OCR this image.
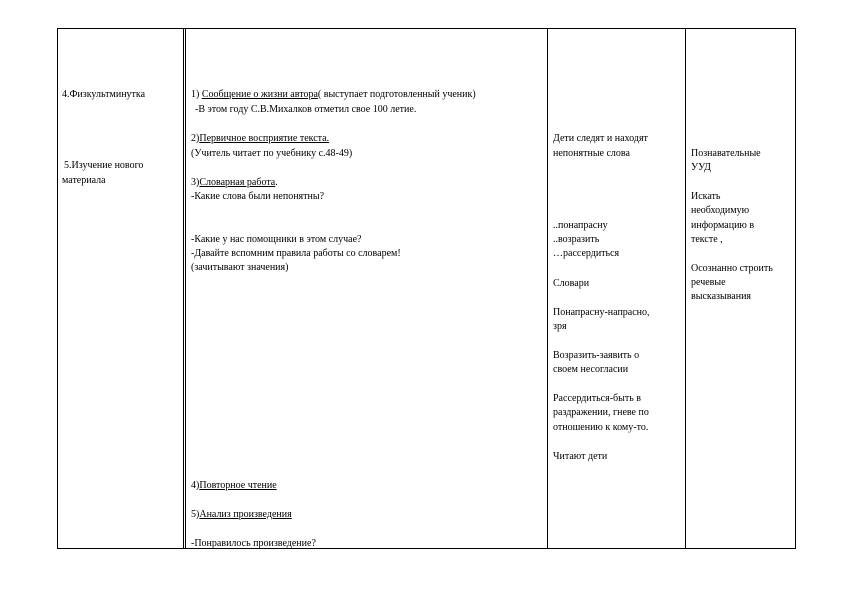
4.Физкультминутка
5.Изучение нового
материала
1) Сообщение о жизни автора( выступает подготовленный ученик)
-В этом году С.В.Михалков отметил свое 100 летие.
2)Первичное восприятие текста.
(Учитель читает по учебнику с.48-49)
3)Словарная работа.
-Какие слова были непонятны?
-Какие у нас помощники в этом случае?
-Давайте вспомним правила работы со словарем!
(зачитывают значения)
4)Повторное чтение
5)Анализ произведения
-Понравилось произведение?
Дети следят и находят
непонятные слова
..понапрасну
..возразить
…рассердиться
Словари
Понапрасну-напрасно,
зря
Возразить-заявить о
своем несогласии
Рассердиться-быть в
раздражении, гневе по
отношению к кому-то.
Читают дети
Познавательные
УУД
Искать
необходимую
информацию в
тексте ,
Осознанно строить
речевые
высказывания
